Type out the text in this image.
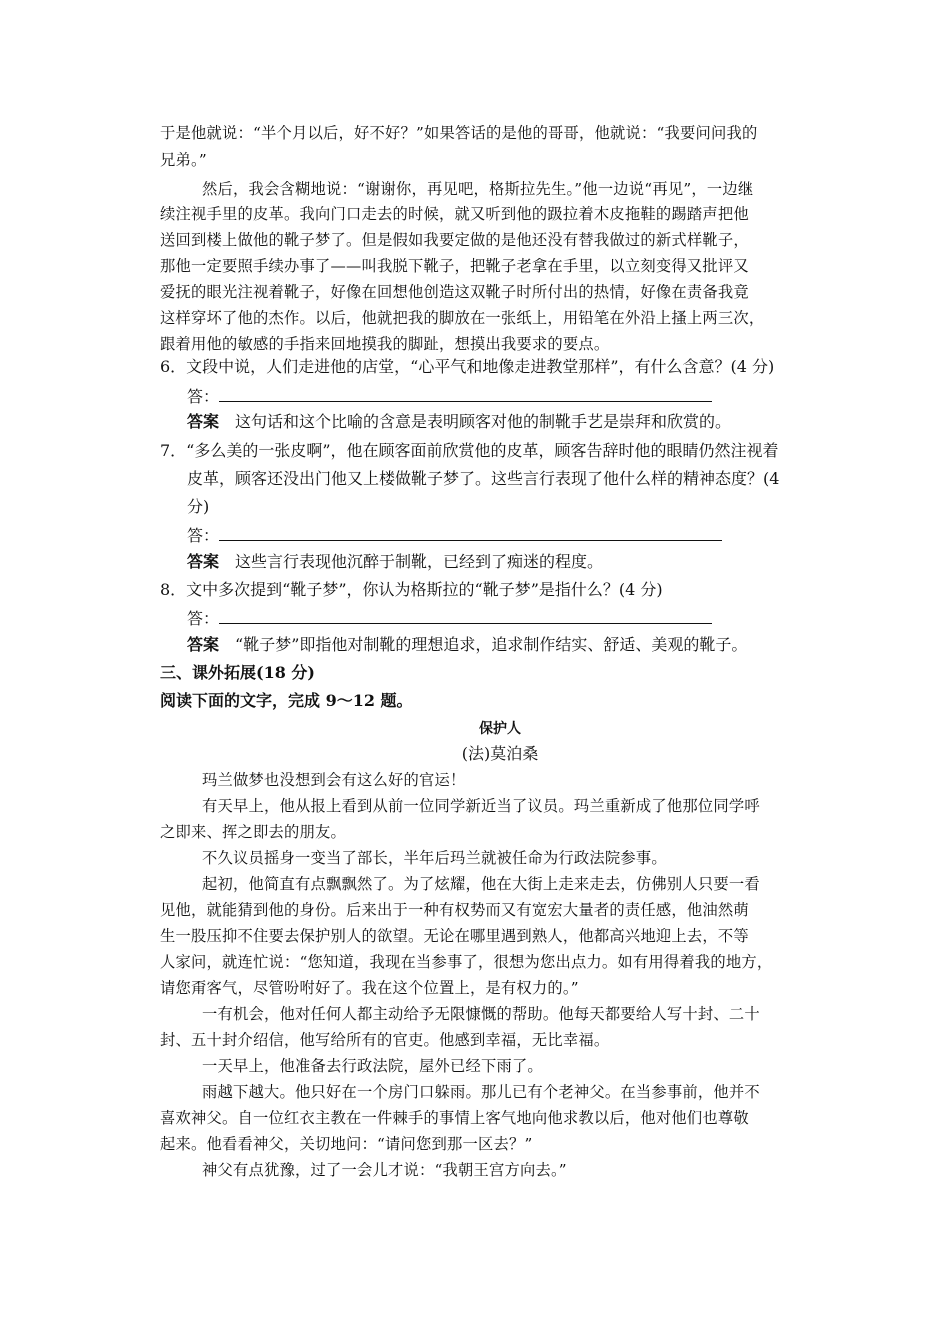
于是他就说：“半个月以后，好不好？”如果答话的是他的哥哥，他就说：“我要问问我的
兄弟。”
然后，我会含糊地说：“谢谢你，再见吧，格斯拉先生。”他一边说“再见”，一边继
续注视手里的皮革。我向门口走去的时候，就又听到他的趿拉着木皮拖鞋的踢踏声把他
送回到楼上做他的靴子梦了。但是假如我要定做的是他还没有替我做过的新式样靴子，
那他一定要照手续办事了——叫我脱下靴子，把靴子老拿在手里，以立刻变得又批评又
爱抚的眼光注视着靴子，好像在回想他创造这双靴子时所付出的热情，好像在责备我竟
这样穿坏了他的杰作。以后，他就把我的脚放在一张纸上，用铅笔在外沿上搔上两三次，
跟着用他的敏感的手指来回地摸我的脚趾，想摸出我要求的要点。
6．文段中说，人们走进他的店堂，“心平气和地像走进教堂那样”，有什么含意？(4 分)
答：
答案 这句话和这个比喻的含意是表明顾客对他的制靴手艺是崇拜和欣赏的。
7．“多么美的一张皮啊”，他在顾客面前欣赏他的皮革，顾客告辞时他的眼睛仍然注视着
皮革，顾客还没出门他又上楼做靴子梦了。这些言行表现了他什么样的精神态度？(4
分)
答：
答案 这些言行表现他沉醉于制靴，已经到了痴迷的程度。
8．文中多次提到“靴子梦”，你认为格斯拉的“靴子梦”是指什么？(4 分)
答：
答案 “靴子梦”即指他对制靴的理想追求，追求制作结实、舒适、美观的靴子。
三、课外拓展(18 分)
阅读下面的文字，完成 9～12 题。
保护人
(法)莫泊桑
玛兰做梦也没想到会有这么好的官运！
有天早上，他从报上看到从前一位同学新近当了议员。玛兰重新成了他那位同学呼
之即来、挥之即去的朋友。
不久议员摇身一变当了部长，半年后玛兰就被任命为行政法院参事。
起初，他简直有点飘飘然了。为了炫耀，他在大街上走来走去，仿佛别人只要一看
见他，就能猜到他的身份。后来出于一种有权势而又有宽宏大量者的责任感，他油然萌
生一股压抑不住要去保护别人的欲望。无论在哪里遇到熟人，他都高兴地迎上去，不等
人家问，就连忙说：“您知道，我现在当参事了，很想为您出点力。如有用得着我的地方，
请您甭客气，尽管吩咐好了。我在这个位置上，是有权力的。”
一有机会，他对任何人都主动给予无限慷慨的帮助。他每天都要给人写十封、二十
封、五十封介绍信，他写给所有的官吏。他感到幸福，无比幸福。
一天早上，他准备去行政法院，屋外已经下雨了。
雨越下越大。他只好在一个房门口躲雨。那儿已有个老神父。在当参事前，他并不
喜欢神父。自一位红衣主教在一件棘手的事情上客气地向他求教以后，他对他们也尊敬
起来。他看看神父，关切地问：“请问您到那一区去？”
神父有点犹豫，过了一会儿才说：“我朝王宫方向去。”
